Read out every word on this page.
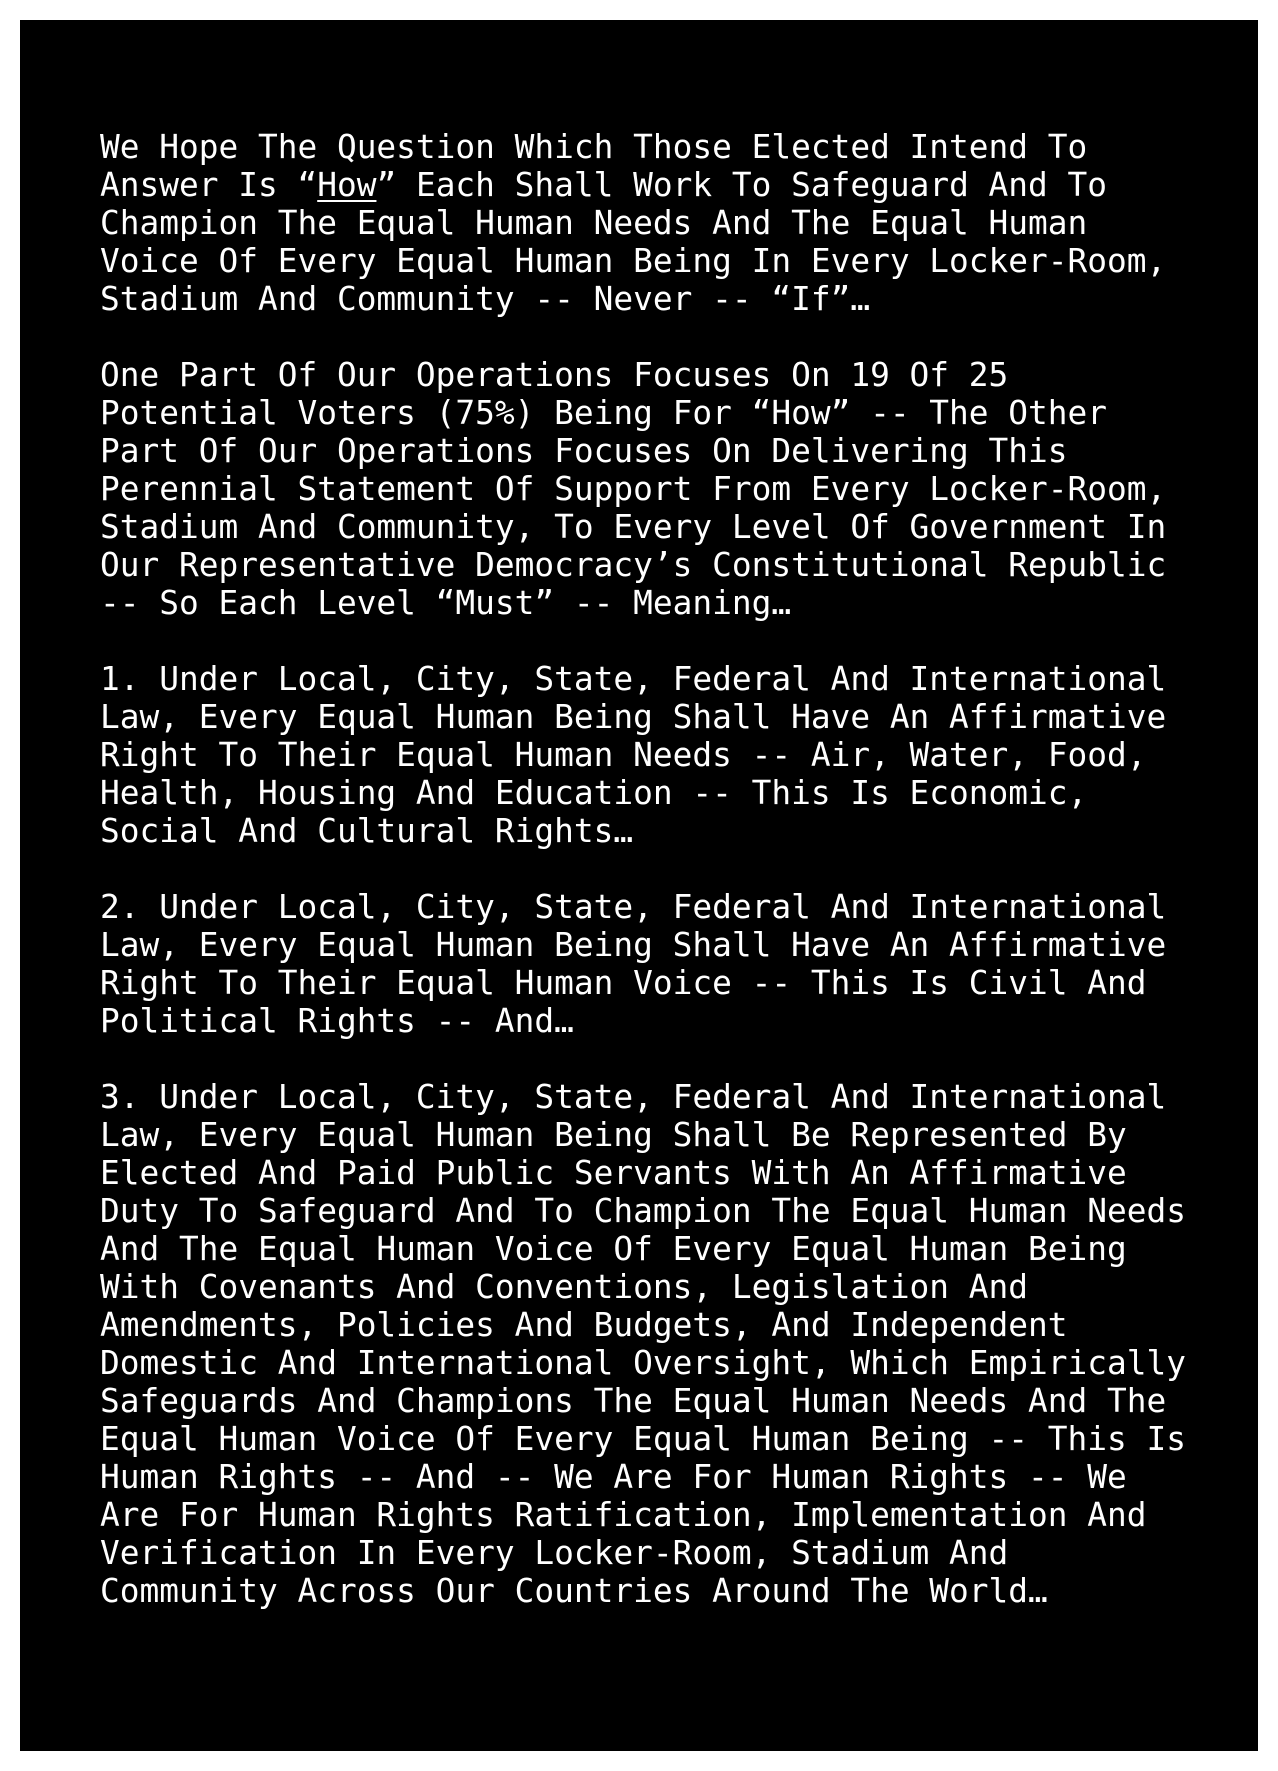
We Hope The Question Which Those Elected Intend To
Answer Is “How” Each Shall Work To Safeguard And To
Champion The Equal Human Needs And The Equal Human
Voice Of Every Equal Human Being In Every Locker-Room,
Stadium And Community -- Never -- “If”…
One Part Of Our Operations Focuses On 19 Of 25
Potential Voters (75%) Being For “How” -- The Other
Part Of Our Operations Focuses On Delivering This
Perennial Statement Of Support From Every Locker-Room,
Stadium And Community, To Every Level Of Government In
Our Representative Democracy’s Constitutional Republic
-- So Each Level “Must” -- Meaning…
1. Under Local, City, State, Federal And International
Law, Every Equal Human Being Shall Have An Affirmative
Right To Their Equal Human Needs -- Air, Water, Food,
Health, Housing And Education -- This Is Economic,
Social And Cultural Rights…
2. Under Local, City, State, Federal And International
Law, Every Equal Human Being Shall Have An Affirmative
Right To Their Equal Human Voice -- This Is Civil And
Political Rights -- And…
3. Under Local, City, State, Federal And International
Law, Every Equal Human Being Shall Be Represented By
Elected And Paid Public Servants With An Affirmative
Duty To Safeguard And To Champion The Equal Human Needs
And The Equal Human Voice Of Every Equal Human Being
With Covenants And Conventions, Legislation And
Amendments, Policies And Budgets, And Independent
Domestic And International Oversight, Which Empirically
Safeguards And Champions The Equal Human Needs And The
Equal Human Voice Of Every Equal Human Being -- This Is
Human Rights -- And -- We Are For Human Rights -- We
Are For Human Rights Ratification, Implementation And
Verification In Every Locker-Room, Stadium And
Community Across Our Countries Around The World…
